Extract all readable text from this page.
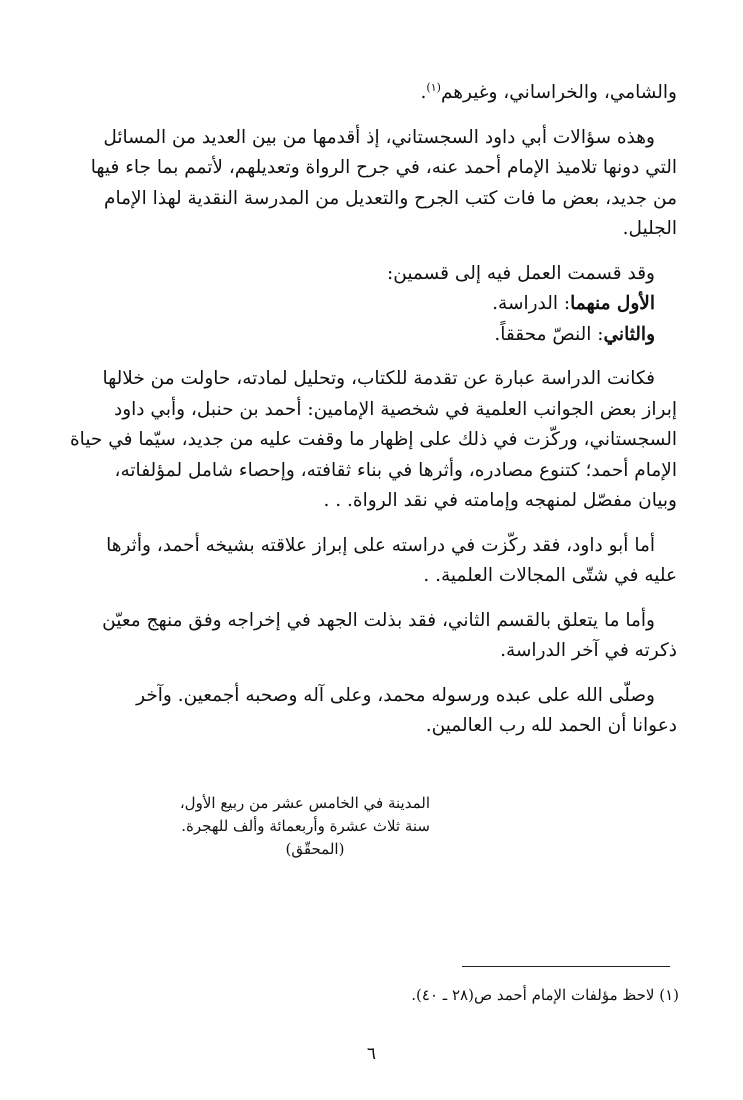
والشامي، والخراساني، وغيرهم$^{(١)}$.
وهذه سؤالات أبي داود السجستاني، إذ أقدمها من بين العديد من المسائل
التي دونها تلاميذ الإمام أحمد عنه، في جرح الرواة وتعديلهم، لأتمم بما جاء فيها
من جديد، بعض ما فات كتب الجرح والتعديل من المدرسة النقدية لهذا الإمام
الجليل.
وقد قسمت العمل فيه إلى قسمين:
الأول منهما: الدراسة.
والثاني: النصّ محققاً.
فكانت الدراسة عبارة عن تقدمة للكتاب، وتحليل لمادته، حاولت من خلالها
إبراز بعض الجوانب العلمية في شخصية الإمامين: أحمد بن حنبل، وأبي داود
السجستاني، وركّزت في ذلك على إظهار ما وقفت عليه من جديد، سيّما في حياة
الإمام أحمد؛ كتنوع مصادره، وأثرها في بناء ثقافته، وإحصاء شامل لمؤلفاته،
وبيان مفصّل لمنهجه وإمامته في نقد الرواة. . .
أما أبو داود، فقد ركّزت في دراسته على إبراز علاقته بشيخه أحمد، وأثرها
عليه في شتّى المجالات العلمية. .
وأما ما يتعلق بالقسم الثاني، فقد بذلت الجهد في إخراجه وفق منهج معيّن
ذكرته في آخر الدراسة.
وصلّى الله على عبده ورسوله محمد، وعلى آله وصحبه أجمعين. وآخر
دعوانا أن الحمد لله رب العالمين.
المدينة في الخامس عشر من ربيع الأول،
سنة ثلاث عشرة وأربعمائة وألف للهجرة.
(المحقّق)
(١) لاحظ مؤلفات الإمام أحمد ص(٢٨ ـ ٤٠).
٦
